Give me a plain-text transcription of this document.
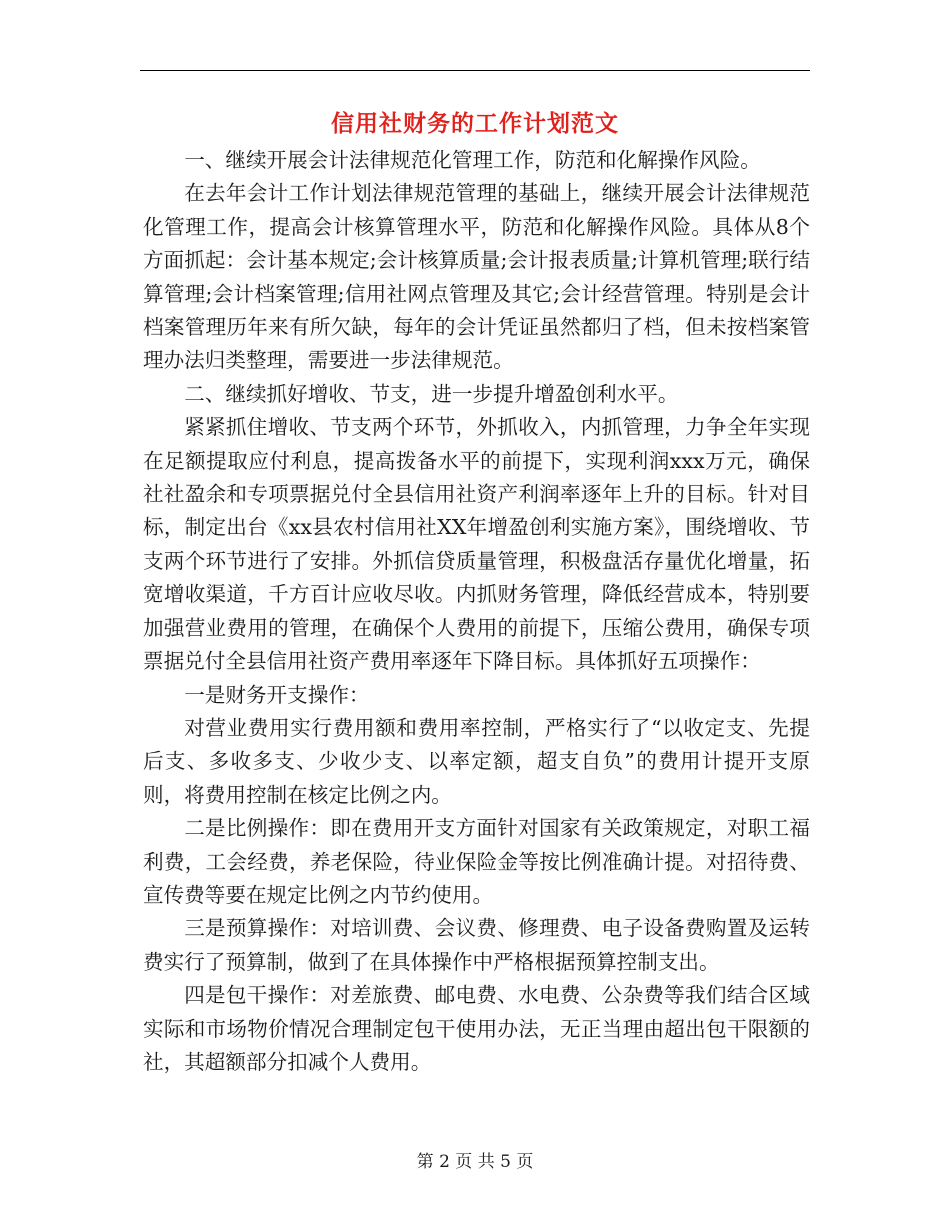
信用社财务的工作计划范文

一、继续开展会计法律规范化管理工作，防范和化解操作风险。

在去年会计工作计划法律规范管理的基础上，继续开展会计法律规范化管理工作，提高会计核算管理水平，防范和化解操作风险。具体从8个方面抓起：会计基本规定;会计核算质量;会计报表质量;计算机管理;联行结算管理;会计档案管理;信用社网点管理及其它;会计经营管理。特别是会计档案管理历年来有所欠缺，每年的会计凭证虽然都归了档，但未按档案管理办法归类整理，需要进一步法律规范。

二、继续抓好增收、节支，进一步提升增盈创利水平。

紧紧抓住增收、节支两个环节，外抓收入，内抓管理，力争全年实现在足额提取应付利息，提高拨备水平的前提下，实现利润xxx万元，确保社社盈余和专项票据兑付全县信用社资产利润率逐年上升的目标。针对目标，制定出台《xx县农村信用社XX年增盈创利实施方案》，围绕增收、节支两个环节进行了安排。外抓信贷质量管理，积极盘活存量优化增量，拓宽增收渠道，千方百计应收尽收。内抓财务管理，降低经营成本，特别要加强营业费用的管理，在确保个人费用的前提下，压缩公费用，确保专项票据兑付全县信用社资产费用率逐年下降目标。具体抓好五项操作：

一是财务开支操作：

对营业费用实行费用额和费用率控制，严格实行了“以收定支、先提后支、多收多支、少收少支、以率定额，超支自负”的费用计提开支原则，将费用控制在核定比例之内。

二是比例操作：即在费用开支方面针对国家有关政策规定，对职工福利费，工会经费，养老保险，待业保险金等按比例准确计提。对招待费、宣传费等要在规定比例之内节约使用。

三是预算操作：对培训费、会议费、修理费、电子设备费购置及运转费实行了预算制，做到了在具体操作中严格根据预算控制支出。

四是包干操作：对差旅费、邮电费、水电费、公杂费等我们结合区域实际和市场物价情况合理制定包干使用办法，无正当理由超出包干限额的社，其超额部分扣减个人费用。

第 2 页 共 5 页
